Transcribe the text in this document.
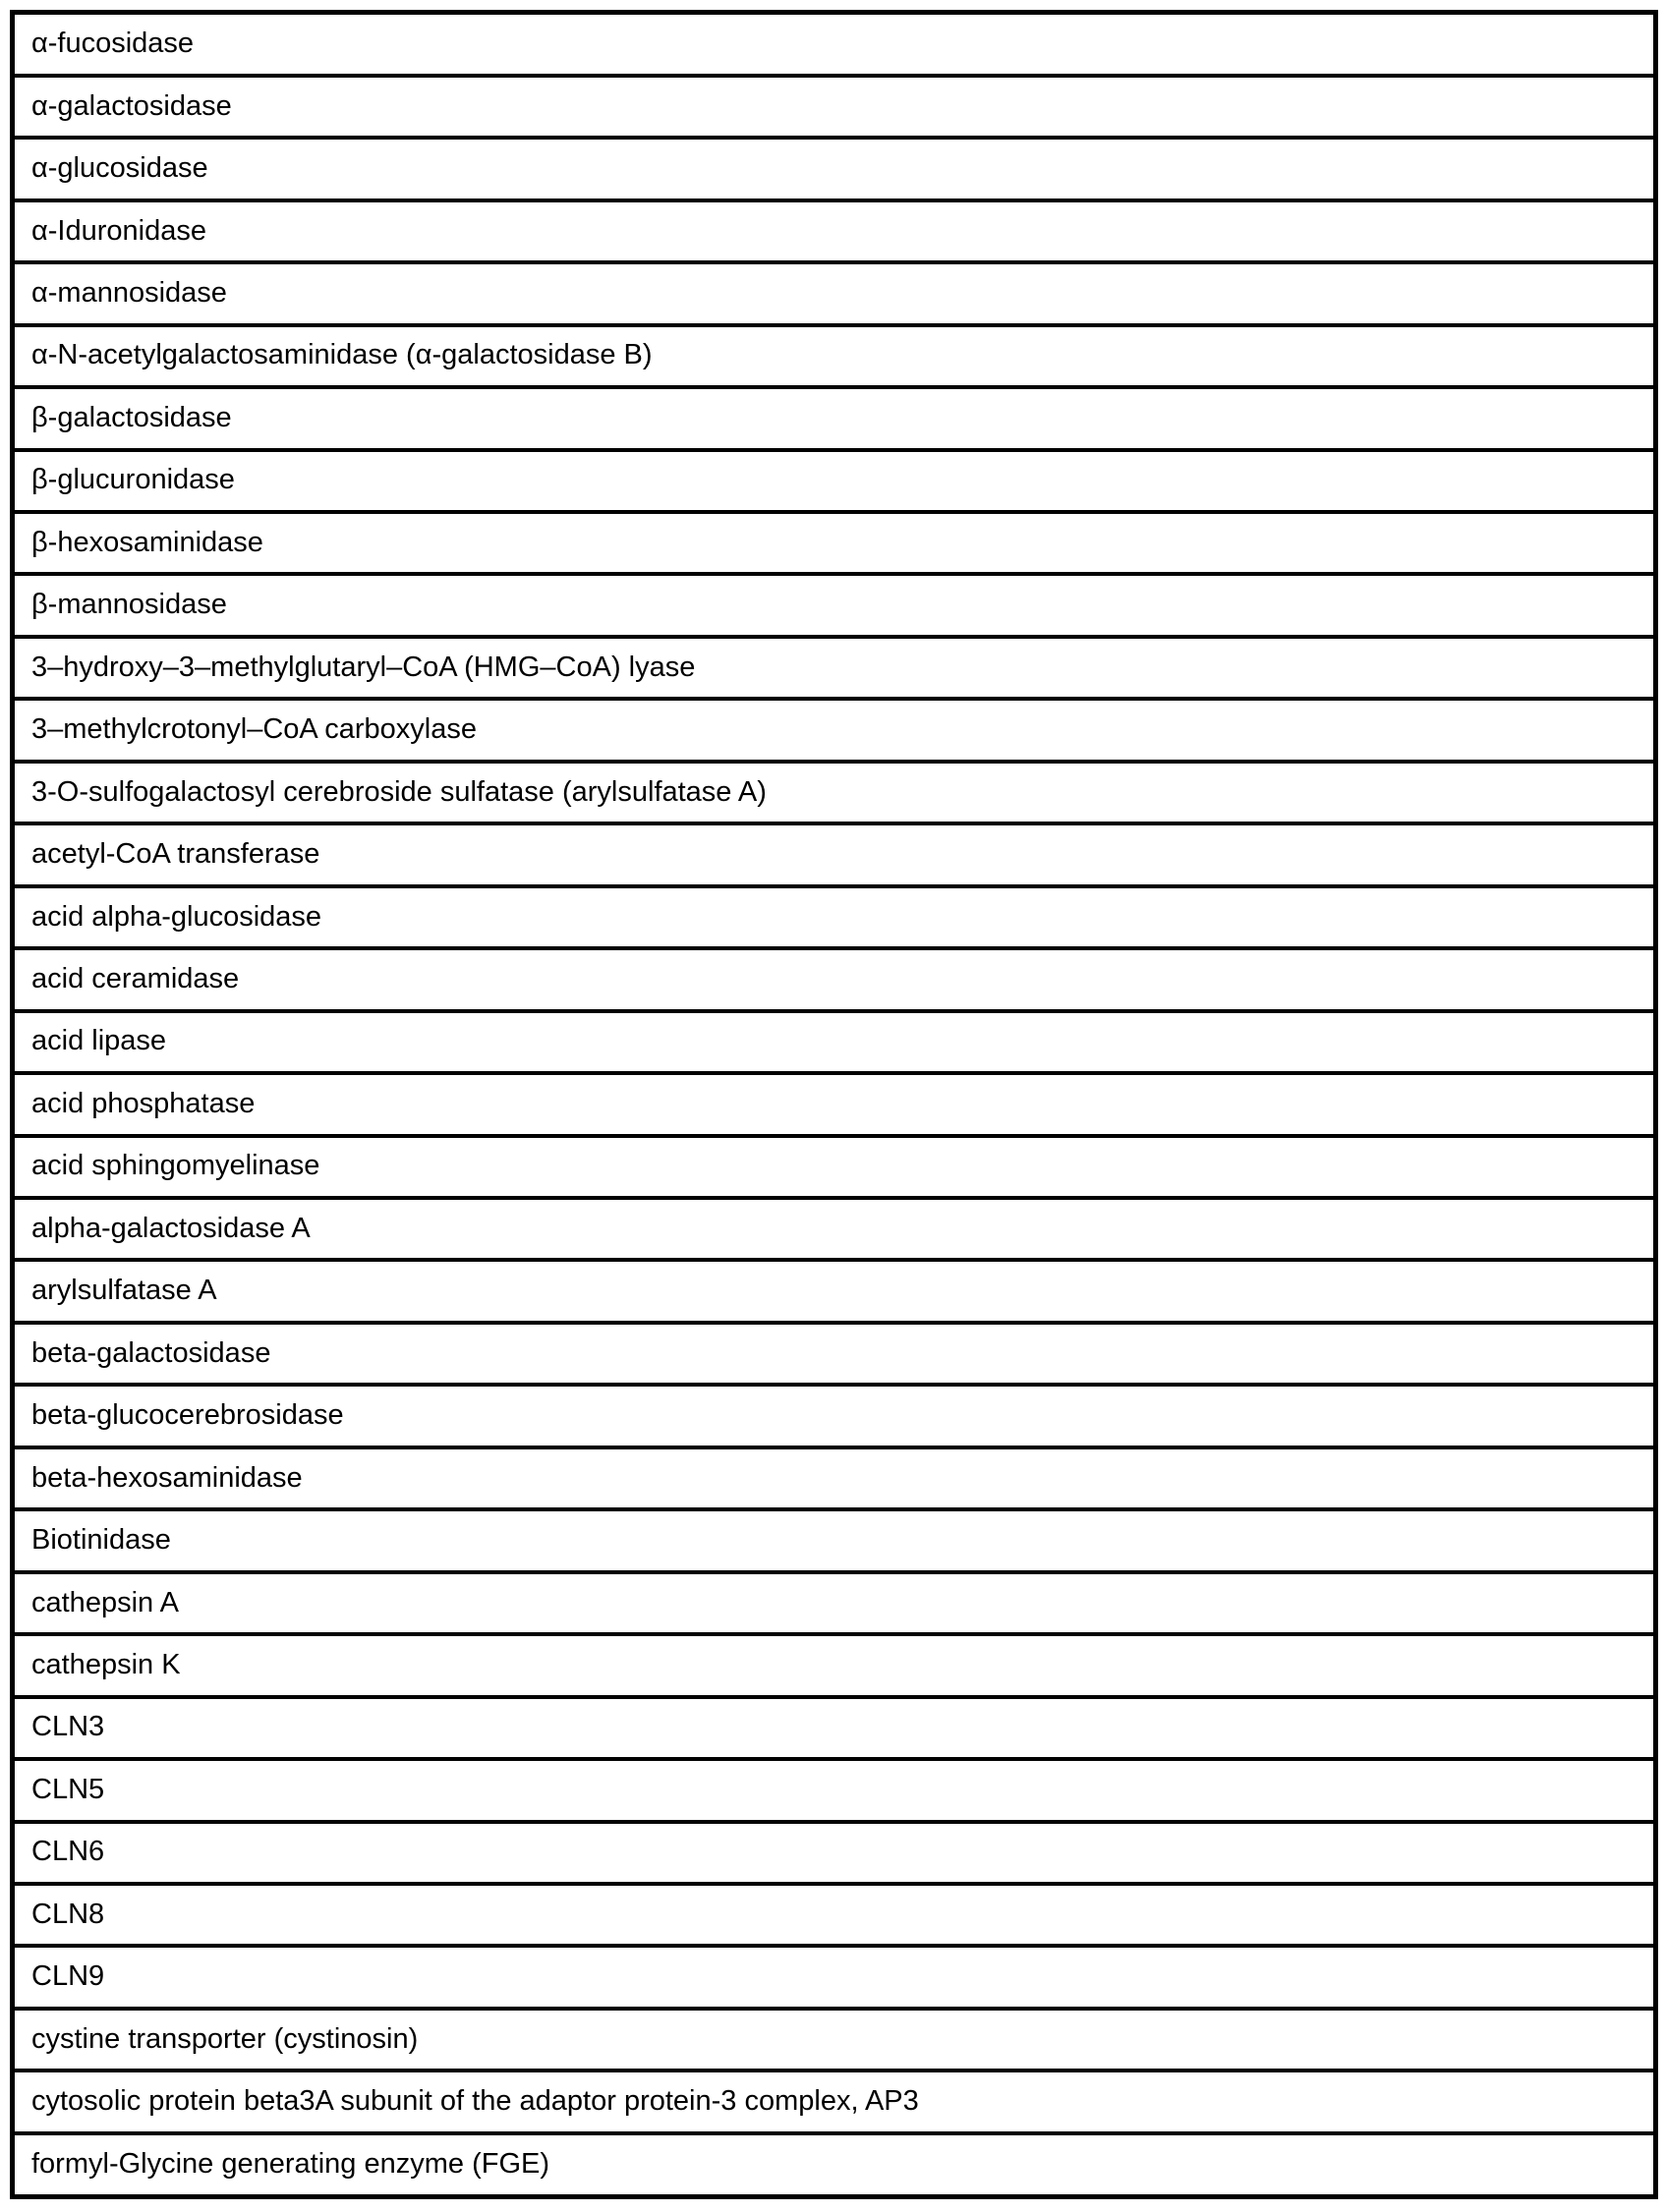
α-fucosidase
α-galactosidase
α-glucosidase
α-Iduronidase
α-mannosidase
α-N-acetylgalactosaminidase (α-galactosidase B)
β-galactosidase
β-glucuronidase
β-hexosaminidase
β-mannosidase
3–hydroxy–3–methylglutaryl–CoA (HMG–CoA) lyase
3–methylcrotonyl–CoA carboxylase
3-O-sulfogalactosyl cerebroside sulfatase (arylsulfatase A)
acetyl-CoA transferase
acid alpha-glucosidase
acid ceramidase
acid lipase
acid phosphatase
acid sphingomyelinase
alpha-galactosidase A
arylsulfatase A
beta-galactosidase
beta-glucocerebrosidase
beta-hexosaminidase
Biotinidase
cathepsin A
cathepsin K
CLN3
CLN5
CLN6
CLN8
CLN9
cystine transporter (cystinosin)
cytosolic protein beta3A subunit of the adaptor protein-3 complex, AP3
formyl-Glycine generating enzyme (FGE)
